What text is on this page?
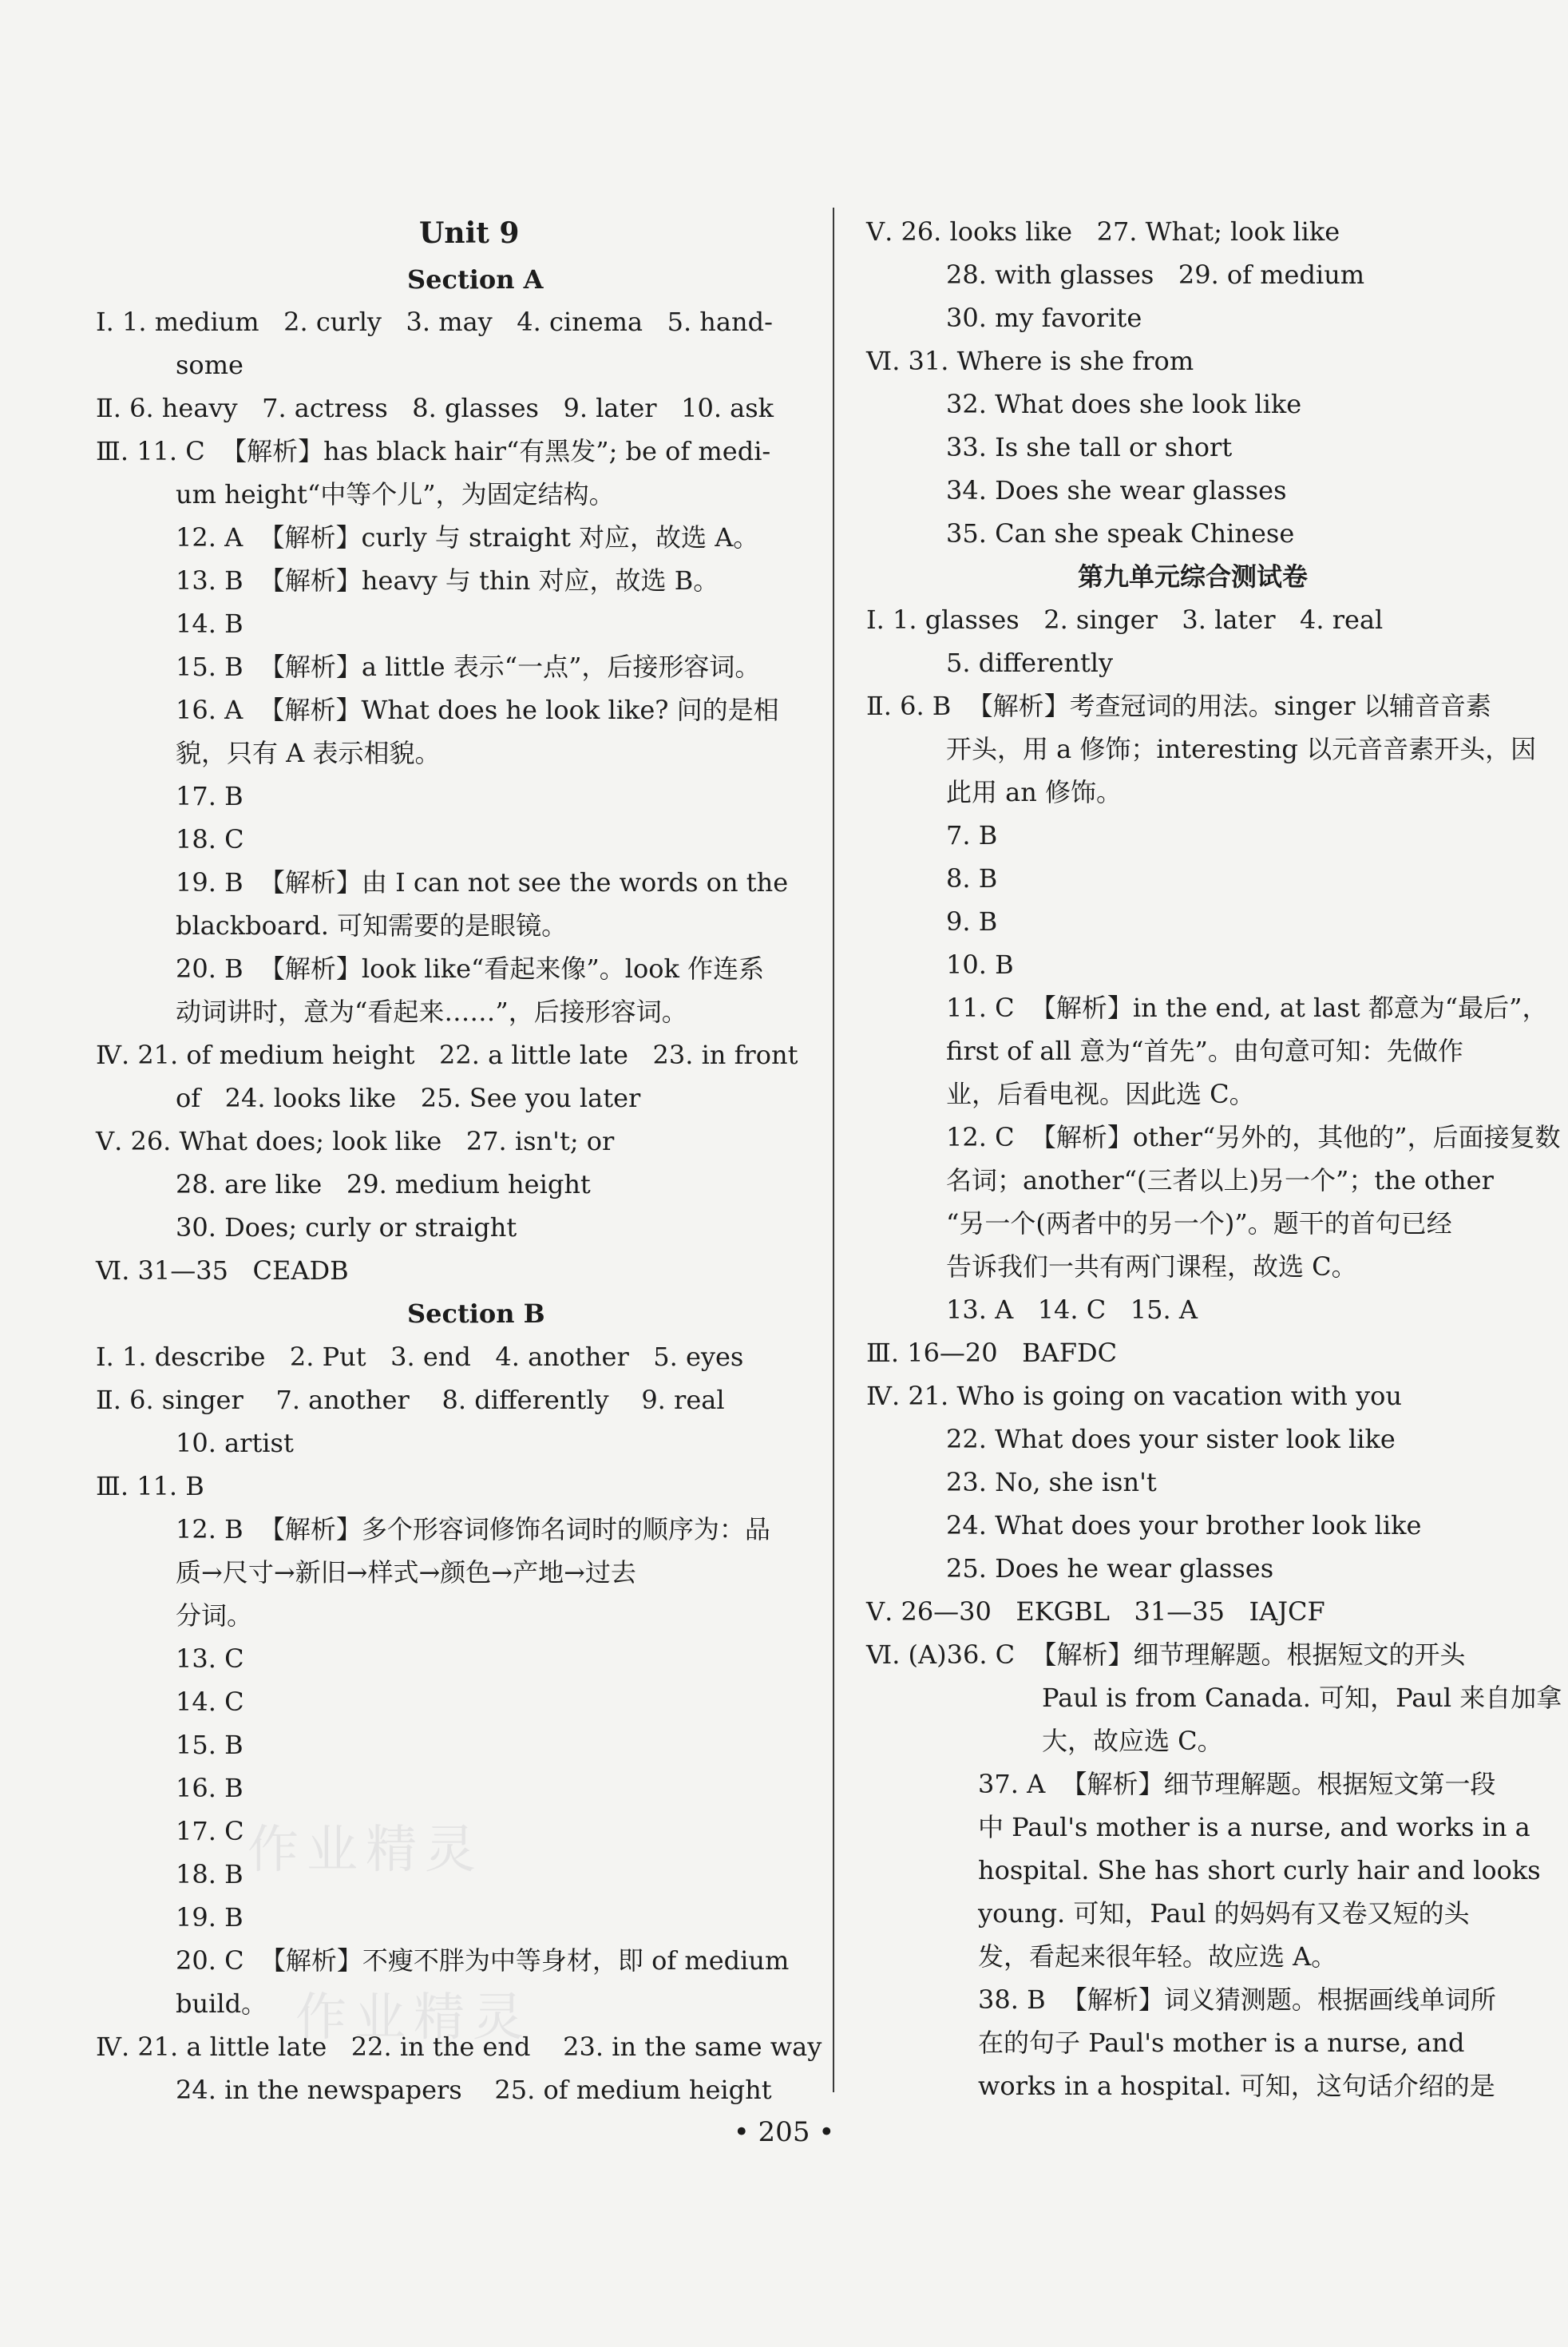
作业精灵
作业精灵
Unit 9
Section A
Ⅰ. 1. medium   2. curly   3. may   4. cinema   5. hand-
some
Ⅱ. 6. heavy   7. actress   8. glasses   9. later   10. ask
Ⅲ. 11. C  【解析】has black hair“有黑发”; be of medi-
um height“中等个儿”，为固定结构。
12. A  【解析】curly 与 straight 对应，故选 A。
13. B  【解析】heavy 与 thin 对应，故选 B。
14. B
15. B  【解析】a little 表示“一点”，后接形容词。
16. A  【解析】What does he look like? 问的是相
貌，只有 A 表示相貌。
17. B
18. C
19. B  【解析】由 I can not see the words on the
blackboard. 可知需要的是眼镜。
20. B  【解析】look like“看起来像”。look 作连系
动词讲时，意为“看起来……”，后接形容词。
Ⅳ. 21. of medium height   22. a little late   23. in front
of   24. looks like   25. See you later
Ⅴ. 26. What does; look like   27. isn't; or
28. are like   29. medium height
30. Does; curly or straight
Ⅵ. 31—35   CEADB
Section B
Ⅰ. 1. describe   2. Put   3. end   4. another   5. eyes
Ⅱ. 6. singer    7. another    8. differently    9. real
10. artist
Ⅲ. 11. B
12. B  【解析】多个形容词修饰名词时的顺序为：品
质→尺寸→新旧→样式→颜色→产地→过去
分词。
13. C
14. C
15. B
16. B
17. C
18. B
19. B
20. C  【解析】不瘦不胖为中等身材，即 of medium
build。
Ⅳ. 21. a little late   22. in the end    23. in the same way
24. in the newspapers    25. of medium height
Ⅴ. 26. looks like   27. What; look like
28. with glasses   29. of medium
30. my favorite
Ⅵ. 31. Where is she from
32. What does she look like
33. Is she tall or short
34. Does she wear glasses
35. Can she speak Chinese
第九单元综合测试卷
Ⅰ. 1. glasses   2. singer   3. later   4. real
5. differently
Ⅱ. 6. B  【解析】考查冠词的用法。singer 以辅音音素
开头，用 a 修饰；interesting 以元音音素开头，因
此用 an 修饰。
7. B
8. B
9. B
10. B
11. C  【解析】in the end, at last 都意为“最后”，
first of all 意为“首先”。由句意可知：先做作
业，后看电视。因此选 C。
12. C  【解析】other“另外的，其他的”，后面接复数
名词；another“(三者以上)另一个”；the other
“另一个(两者中的另一个)”。题干的首句已经
告诉我们一共有两门课程，故选 C。
13. A   14. C   15. A
Ⅲ. 16—20   BAFDC
Ⅳ. 21. Who is going on vacation with you
22. What does your sister look like
23. No, she isn't
24. What does your brother look like
25. Does he wear glasses
Ⅴ. 26—30   EKGBL   31—35   IAJCF
Ⅵ. (A)36. C  【解析】细节理解题。根据短文的开头
Paul is from Canada. 可知，Paul 来自加拿
大，故应选 C。
37. A  【解析】细节理解题。根据短文第一段
中 Paul's mother is a nurse, and works in a
hospital. She has short curly hair and looks
young. 可知，Paul 的妈妈有又卷又短的头
发，看起来很年轻。故应选 A。
38. B  【解析】词义猜测题。根据画线单词所
在的句子 Paul's mother is a nurse, and
works in a hospital. 可知，这句话介绍的是
• 205 •
